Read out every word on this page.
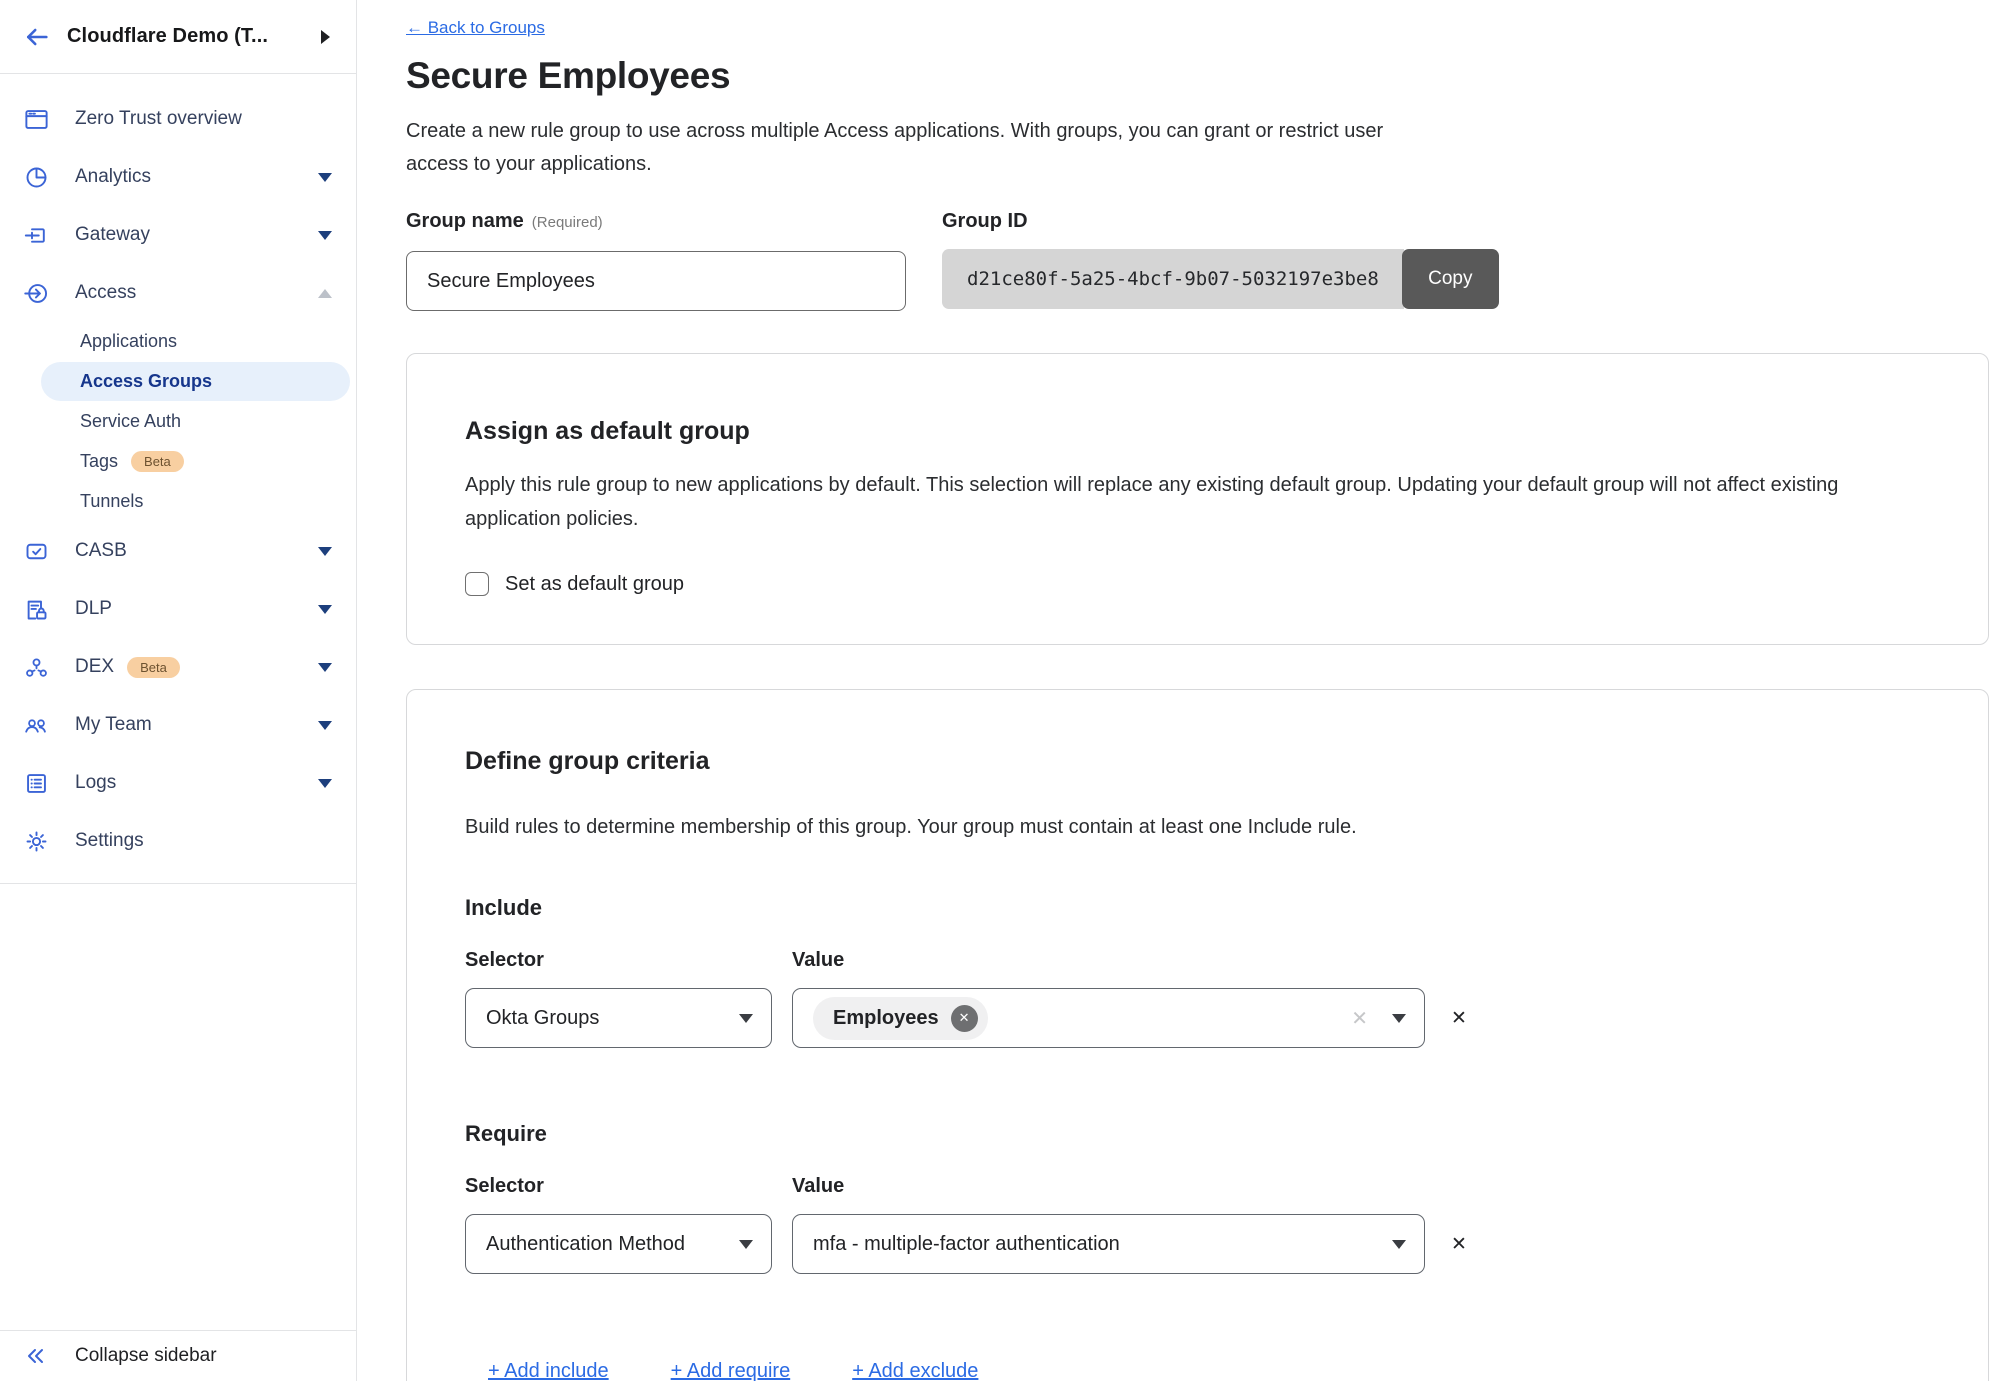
Cloudflare Demo (T...
Zero Trust overview
Analytics
Gateway
Access
Applications
Access Groups
Service Auth
Tags	Beta
Tunnels
CASB
DLP
DEX	Beta
My Team
Logs
Settings
Collapse sidebar
← Back to Groups
Secure Employees

Create a new rule group to use across multiple Access applications. With groups, you can grant or restrict user access to your applications.

Group name (Required)
Secure Employees	Group ID
d21ce80f-5a25-4bcf-9b07-5032197e3be8	Copy
Assign as default group

Apply this rule group to new applications by default. This selection will replace any existing default group. Updating your default group will not affect existing application policies.

Set as default group
Define group criteria

Build rules to determine membership of this group. Your group must contain at least one Include rule.

Include
Selector	Value
Okta Groups	Employees	✕	✕	✕
Require
Selector	Value
Authentication Method	mfa - multiple-factor authentication	✕
+ Add include	+ Add require	+ Add exclude
